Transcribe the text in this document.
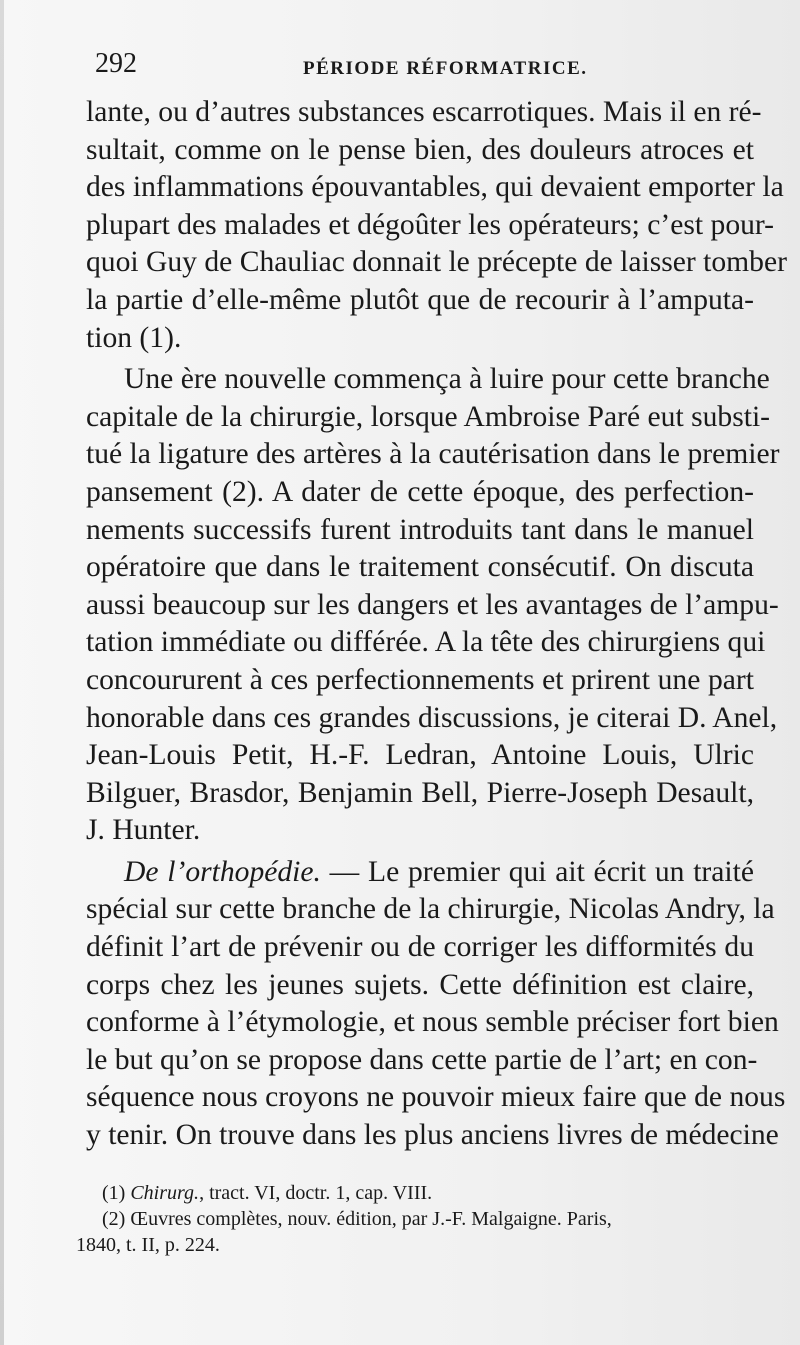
292	PÉRIODE RÉFORMATRICE.
lante, ou d’autres substances escarrotiques. Mais il en ré-
sultait, comme on le pense bien, des douleurs atroces et
des inflammations épouvantables, qui devaient emporter la
plupart des malades et dégoûter les opérateurs; c’est pour-
quoi Guy de Chauliac donnait le précepte de laisser tomber
la partie d’elle-même plutôt que de recourir à l’amputa-
tion (1).
Une ère nouvelle commença à luire pour cette branche
capitale de la chirurgie, lorsque Ambroise Paré eut substi-
tué la ligature des artères à la cautérisation dans le premier
pansement (2). A dater de cette époque, des perfection-
nements successifs furent introduits tant dans le manuel
opératoire que dans le traitement consécutif. On discuta
aussi beaucoup sur les dangers et les avantages de l’ampu-
tation immédiate ou différée. A la tête des chirurgiens qui
concoururent à ces perfectionnements et prirent une part
honorable dans ces grandes discussions, je citerai D. Anel,
Jean-Louis Petit, H.-F. Ledran, Antoine Louis, Ulric
Bilguer, Brasdor, Benjamin Bell, Pierre-Joseph Desault,
J. Hunter.
De l’orthopédie. — Le premier qui ait écrit un traité
spécial sur cette branche de la chirurgie, Nicolas Andry, la
définit l’art de prévenir ou de corriger les difformités du
corps chez les jeunes sujets. Cette définition est claire,
conforme à l’étymologie, et nous semble préciser fort bien
le but qu’on se propose dans cette partie de l’art; en con-
séquence nous croyons ne pouvoir mieux faire que de nous
y tenir. On trouve dans les plus anciens livres de médecine
(1) Chirurg., tract. VI, doctr. 1, cap. VIII.
(2) Œuvres complètes, nouv. édition, par J.-F. Malgaigne. Paris,
1840, t. II, p. 224.
